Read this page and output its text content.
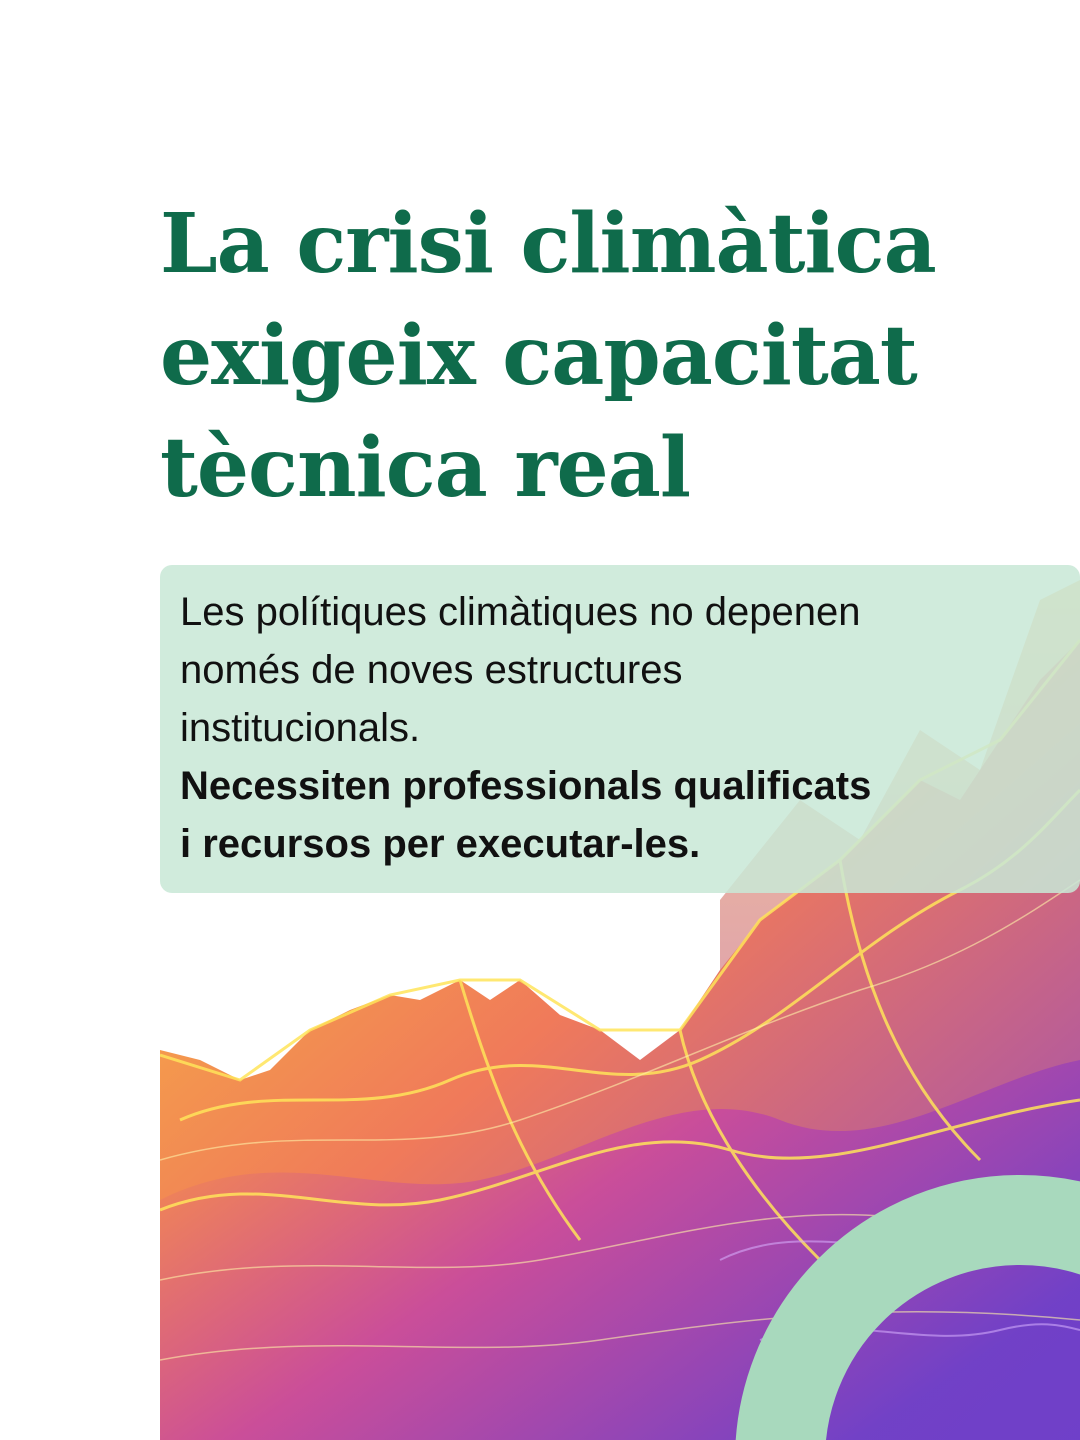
La crisi climàtica
exigeix capacitat
tècnica real

Les polítiques climàtiques no depenen
només de noves estructures
institucionals.

Necessiten professionals qualificats
i recursos per executar-les.
